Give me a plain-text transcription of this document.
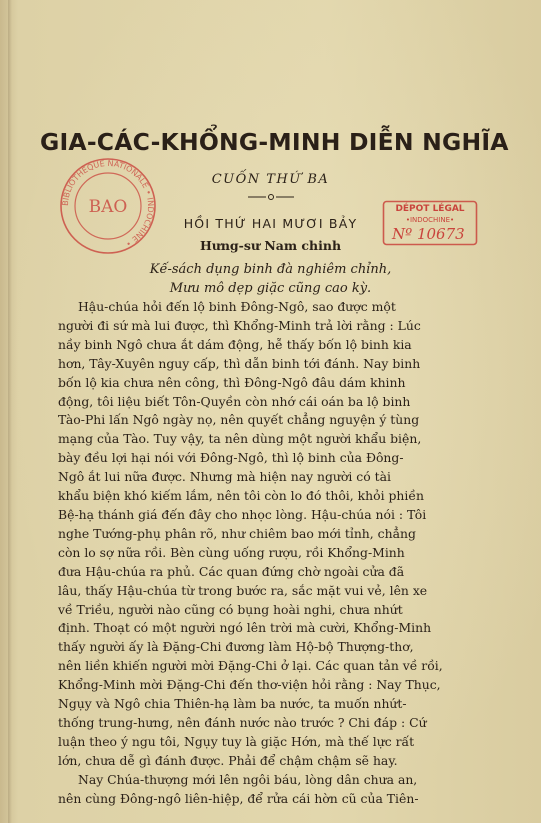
BIBLIOTHÈQUE NATIONALE • INDOCHINE •
BAO	DÉPOT LÉGAL
•INDOCHINE•
Nº 10673
GIA-CÁC-KHỔNG-MINH DIỄN NGHĨA
CUỐN THỨ BA
HỒI THỨ HAI MƯƠI BẢY
Hưng-sư Nam chinh
Kế-sách dụng binh đà nghiêm chỉnh,
Mưu mô dẹp giặc cũng cao kỳ.
Hậu-chúa hỏi đến lộ binh Đông-Ngô, sao được một
người đi sứ mà lui được, thì Khổng-Minh trả lời rằng : Lúc
nầy binh Ngô chưa ắt dám động, hễ thấy bốn lộ binh kia
hơn, Tây-Xuyên nguy cấp, thì dẫn binh tới đánh. Nay binh
bốn lộ kia chưa nên công, thì Đông-Ngô đâu dám khinh
động, tôi liệu biết Tôn-Quyền còn nhớ cái oán ba lộ binh
Tào-Phi lấn Ngô ngày nọ, nên quyết chẳng nguyện ý tùng
mạng của Tào. Tuy vậy, ta nên dùng một người khẩu biện,
bày đều lợi hại nói với Đông-Ngô, thì lộ binh của Đông-
Ngô ắt lui nữa được. Nhưng mà hiện nay người có tài
khẩu biện khó kiếm lắm, nên tôi còn lo đó thôi, khỏi phiền
Bệ-hạ thánh giá đến đây cho nhọc lòng. Hậu-chúa nói : Tôi
nghe Tướng-phụ phân rõ, như chiêm bao mới tỉnh, chẳng
còn lo sợ nữa rồi. Bèn cùng uống rượu, rồi Khổng-Minh
đưa Hậu-chúa ra phủ. Các quan đứng chờ ngoài cửa đã
lâu, thấy Hậu-chúa từ trong bước ra, sắc mặt vui vẻ, lên xe
về Triều, người nào cũng có bụng hoài nghi, chưa nhứt
định. Thoạt có một người ngó lên trời mà cười, Khổng-Minh
thấy người ấy là Đặng-Chi đương làm Hộ-bộ Thượng-thơ,
nên liền khiến người mời Đặng-Chi ở lại. Các quan tản về rồi,
Khổng-Minh mời Đặng-Chi đến thơ-viện hỏi rằng : Nay Thục,
Ngụy và Ngô chia Thiên-hạ làm ba nước, ta muốn nhứt-
thống trung-hưng, nên đánh nước nào trước ? Chi đáp : Cứ
luận theo ý ngu tôi, Ngụy tuy là giặc Hớn, mà thế lực rất
lớn, chưa dễ gì đánh được. Phải để chậm chậm sẽ hay.
Nay Chúa-thượng mới lên ngôi báu, lòng dân chưa an,
nên cùng Đông-ngô liên-hiệp, để rửa cái hờn cũ của Tiên-
